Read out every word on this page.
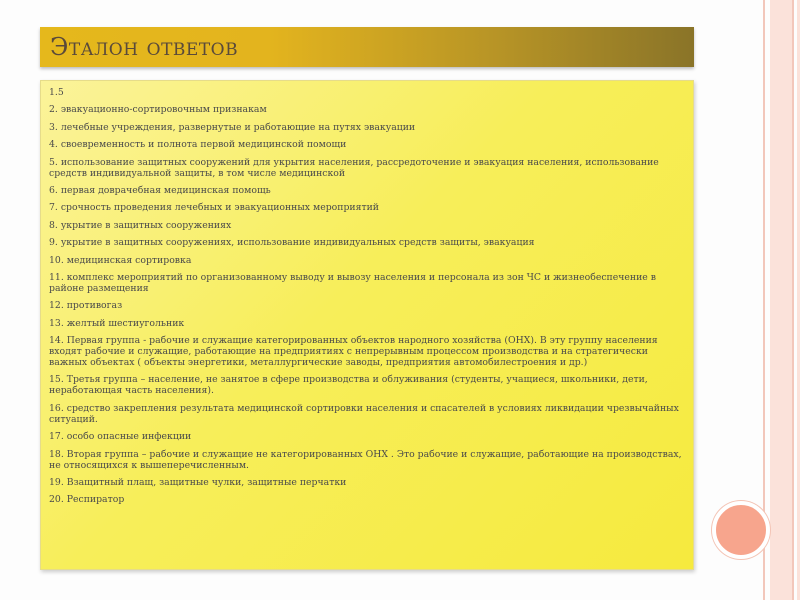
Эталон ответов
1.5
2. эвакуационно-сортировочным признакам
3. лечебные учреждения, развернутые и работающие на путях эвакуации
4. своевременность и полнота первой медицинской помощи
5. использование защитных сооружений для укрытия населения, рассредоточение и эвакуация населения, использование средств индивидуальной защиты, в том числе медицинской
6. первая доврачебная медицинская помощь
7. срочность проведения лечебных и эвакуационных мероприятий
8. укрытие в защитных сооружениях
9. укрытие в защитных сооружениях, использование индивидуальных средств защиты, эвакуация
10. медицинская сортировка
11. комплекс мероприятий по организованному выводу и вывозу населения и персонала из зон ЧС и жизнеобеспечение в районе размещения
12. противогаз
13. желтый шестиугольник
14. Первая группа - рабочие и служащие категорированных объектов народного хозяйства (ОНХ). В эту группу населения входят рабочие и служащие, работающие на предприятиях с непрерывным процессом производства и на стратегически важных объектах ( объекты энергетики, металлургические заводы, предприятия автомобилестроения и др.)
15. Третья группа – население, не занятое в сфере производства и облуживания (студенты, учащиеся, школьники, дети, неработающая часть населения).
16. средство закрепления результата медицинской сортировки населения и спасателей в условиях ликвидации чрезвычайных ситуаций.
17. особо опасные инфекции
18. Вторая группа – рабочие и служащие не категорированных ОНХ . Это рабочие и служащие, работающие на производствах, не относящихся к вышеперечисленным.
19. Взащитный плащ, защитные чулки, защитные перчатки
20. Респиратор
